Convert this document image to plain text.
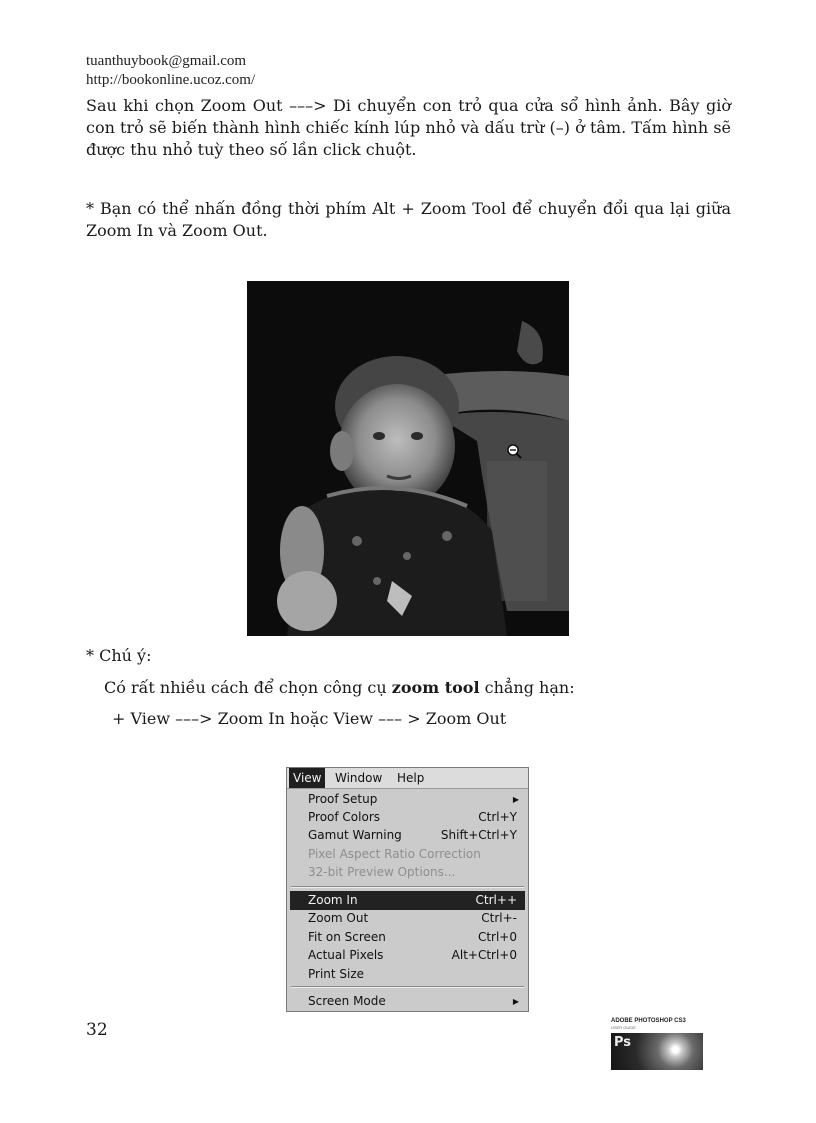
tuanthuybook@gmail.com
http://bookonline.ucoz.com/

Sau khi chọn Zoom Out –––> Di chuyển con trỏ qua cửa sổ hình ảnh. Bây giờ con trỏ sẽ biến thành hình chiếc kính lúp nhỏ và dấu trừ (–) ở tâm. Tấm hình sẽ được thu nhỏ tuỳ theo số lần click chuột.

* Bạn có thể nhấn đồng thời phím Alt + Zoom Tool để chuyển đổi qua lại giữa Zoom In và Zoom Out.

* Chú ý:
Có rất nhiều cách để chọn công cụ zoom tool chẳng hạn:
+ View –––> Zoom In hoặc View ––– > Zoom Out
View	Window	Help
Proof Setup	▶
Proof Colors	Ctrl+Y
Gamut Warning	Shift+Ctrl+Y
Pixel Aspect Ratio Correction
32-bit Preview Options...
Zoom In	Ctrl++
Zoom Out	Ctrl+-
Fit on Screen	Ctrl+0
Actual Pixels	Alt+Ctrl+0
Print Size
Screen Mode	▶
32	ADOBE PHOTOSHOP CS3
USER GUIDE
Ps
